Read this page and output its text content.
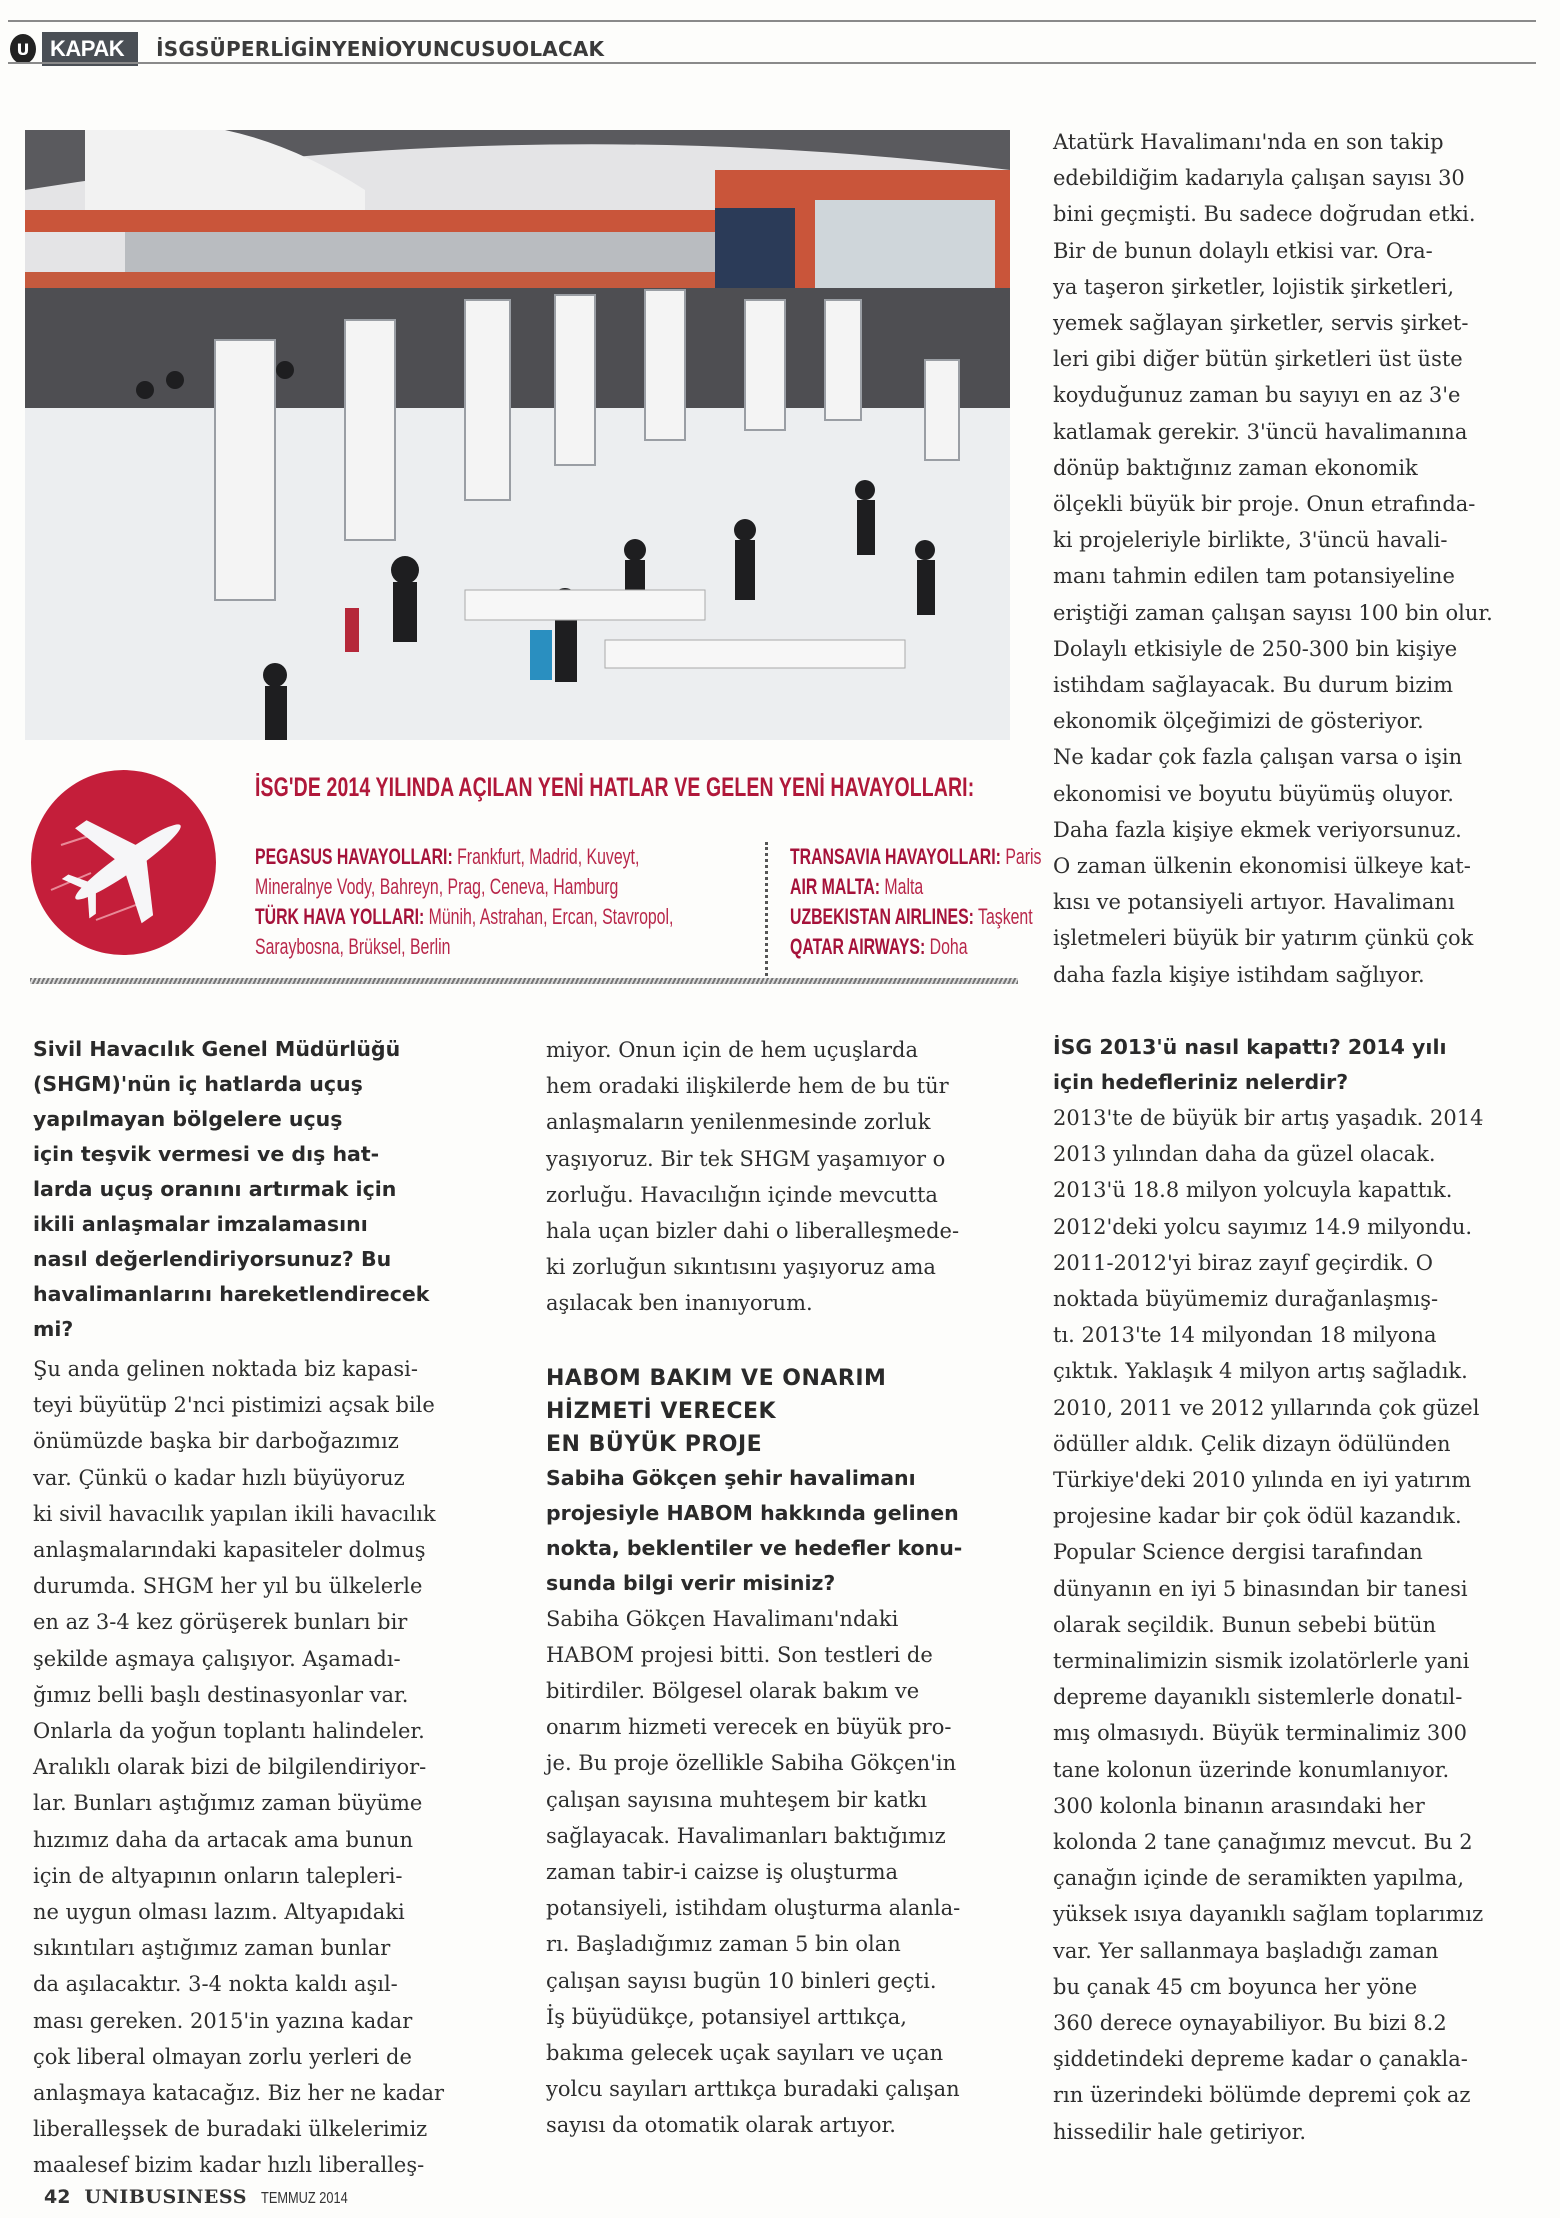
U KAPAK	İSGSÜPERLİGİNYENİOYUNCUSUOLACAK
İSG'DE 2014 YILINDA AÇILAN YENİ HATLAR VE GELEN YENİ HAVAYOLLARI:
PEGASUS HAVAYOLLARI: Frankfurt, Madrid, Kuveyt,
Mineralnye Vody, Bahreyn, Prag, Ceneva, Hamburg
TÜRK HAVA YOLLARI: Münih, Astrahan, Ercan, Stavropol,
Saraybosna, Brüksel, Berlin
TRANSAVIA HAVAYOLLARI: Paris
AIR MALTA: Malta
UZBEKISTAN AIRLINES: Taşkent
QATAR AIRWAYS: Doha
Atatürk Havalimanı'nda en son takip
edebildiğim kadarıyla çalışan sayısı 30
bini geçmişti. Bu sadece doğrudan etki.
Bir de bunun dolaylı etkisi var. Ora-
ya taşeron şirketler, lojistik şirketleri,
yemek sağlayan şirketler, servis şirket-
leri gibi diğer bütün şirketleri üst üste
koyduğunuz zaman bu sayıyı en az 3'e
katlamak gerekir. 3'üncü havalimanına
dönüp baktığınız zaman ekonomik
ölçekli büyük bir proje. Onun etrafında-
ki projeleriyle birlikte, 3'üncü havali-
manı tahmin edilen tam potansiyeline
eriştiği zaman çalışan sayısı 100 bin olur.
Dolaylı etkisiyle de 250-300 bin kişiye
istihdam sağlayacak. Bu durum bizim
ekonomik ölçeğimizi de gösteriyor.
Ne kadar çok fazla çalışan varsa o işin
ekonomisi ve boyutu büyümüş oluyor.
Daha fazla kişiye ekmek veriyorsunuz.
O zaman ülkenin ekonomisi ülkeye kat-
kısı ve potansiyeli artıyor. Havalimanı
işletmeleri büyük bir yatırım çünkü çok
daha fazla kişiye istihdam sağlıyor.
Sivil Havacılık Genel Müdürlüğü
(SHGM)'nün iç hatlarda uçuş
yapılmayan bölgelere uçuş
için teşvik vermesi ve dış hat-
larda uçuş oranını artırmak için
ikili anlaşmalar imzalamasını
nasıl değerlendiriyorsunuz? Bu
havalimanlarını hareketlendirecek
mi?
Şu anda gelinen noktada biz kapasi-
teyi büyütüp 2'nci pistimizi açsak bile
önümüzde başka bir darboğazımız
var. Çünkü o kadar hızlı büyüyoruz
ki sivil havacılık yapılan ikili havacılık
anlaşmalarındaki kapasiteler dolmuş
durumda. SHGM her yıl bu ülkelerle
en az 3-4 kez görüşerek bunları bir
şekilde aşmaya çalışıyor. Aşamadı-
ğımız belli başlı destinasyonlar var.
Onlarla da yoğun toplantı halindeler.
Aralıklı olarak bizi de bilgilendiriyor-
lar. Bunları aştığımız zaman büyüme
hızımız daha da artacak ama bunun
için de altyapının onların talepleri-
ne uygun olması lazım. Altyapıdaki
sıkıntıları aştığımız zaman bunlar
da aşılacaktır. 3-4 nokta kaldı aşıl-
ması gereken. 2015'in yazına kadar
çok liberal olmayan zorlu yerleri de
anlaşmaya katacağız. Biz her ne kadar
liberalleşsek de buradaki ülkelerimiz
maalesef bizim kadar hızlı liberalleş-
miyor. Onun için de hem uçuşlarda
hem oradaki ilişkilerde hem de bu tür
anlaşmaların yenilenmesinde zorluk
yaşıyoruz. Bir tek SHGM yaşamıyor o
zorluğu. Havacılığın içinde mevcutta
hala uçan bizler dahi o liberalleşmede-
ki zorluğun sıkıntısını yaşıyoruz ama
aşılacak ben inanıyorum.
HABOM BAKIM VE ONARIM
HİZMETİ VERECEK
EN BÜYÜK PROJE
Sabiha Gökçen şehir havalimanı
projesiyle HABOM hakkında gelinen
nokta, beklentiler ve hedefler konu-
sunda bilgi verir misiniz?
Sabiha Gökçen Havalimanı'ndaki
HABOM projesi bitti. Son testleri de
bitirdiler. Bölgesel olarak bakım ve
onarım hizmeti verecek en büyük pro-
je. Bu proje özellikle Sabiha Gökçen'in
çalışan sayısına muhteşem bir katkı
sağlayacak. Havalimanları baktığımız
zaman tabir-i caizse iş oluşturma
potansiyeli, istihdam oluşturma alanla-
rı. Başladığımız zaman 5 bin olan
çalışan sayısı bugün 10 binleri geçti.
İş büyüdükçe, potansiyel arttıkça,
bakıma gelecek uçak sayıları ve uçan
yolcu sayıları arttıkça buradaki çalışan
sayısı da otomatik olarak artıyor.
İSG 2013'ü nasıl kapattı? 2014 yılı
için hedefleriniz nelerdir?
2013'te de büyük bir artış yaşadık. 2014
2013 yılından daha da güzel olacak.
2013'ü 18.8 milyon yolcuyla kapattık.
2012'deki yolcu sayımız 14.9 milyondu.
2011-2012'yi biraz zayıf geçirdik. O
noktada büyümemiz durağanlaşmış-
tı. 2013'te 14 milyondan 18 milyona
çıktık. Yaklaşık 4 milyon artış sağladık.
2010, 2011 ve 2012 yıllarında çok güzel
ödüller aldık. Çelik dizayn ödülünden
Türkiye'deki 2010 yılında en iyi yatırım
projesine kadar bir çok ödül kazandık.
Popular Science dergisi tarafından
dünyanın en iyi 5 binasından bir tanesi
olarak seçildik. Bunun sebebi bütün
terminalimizin sismik izolatörlerle yani
depreme dayanıklı sistemlerle donatıl-
mış olmasıydı. Büyük terminalimiz 300
tane kolonun üzerinde konumlanıyor.
300 kolonla binanın arasındaki her
kolonda 2 tane çanağımız mevcut. Bu 2
çanağın içinde de seramikten yapılma,
yüksek ısıya dayanıklı sağlam toplarımız
var. Yer sallanmaya başladığı zaman
bu çanak 45 cm boyunca her yöne
360 derece oynayabiliyor. Bu bizi 8.2
şiddetindeki depreme kadar o çanakla-
rın üzerindeki bölümde depremi çok az
hissedilir hale getiriyor.
42 UNIBUSINESS TEMMUZ 2014
